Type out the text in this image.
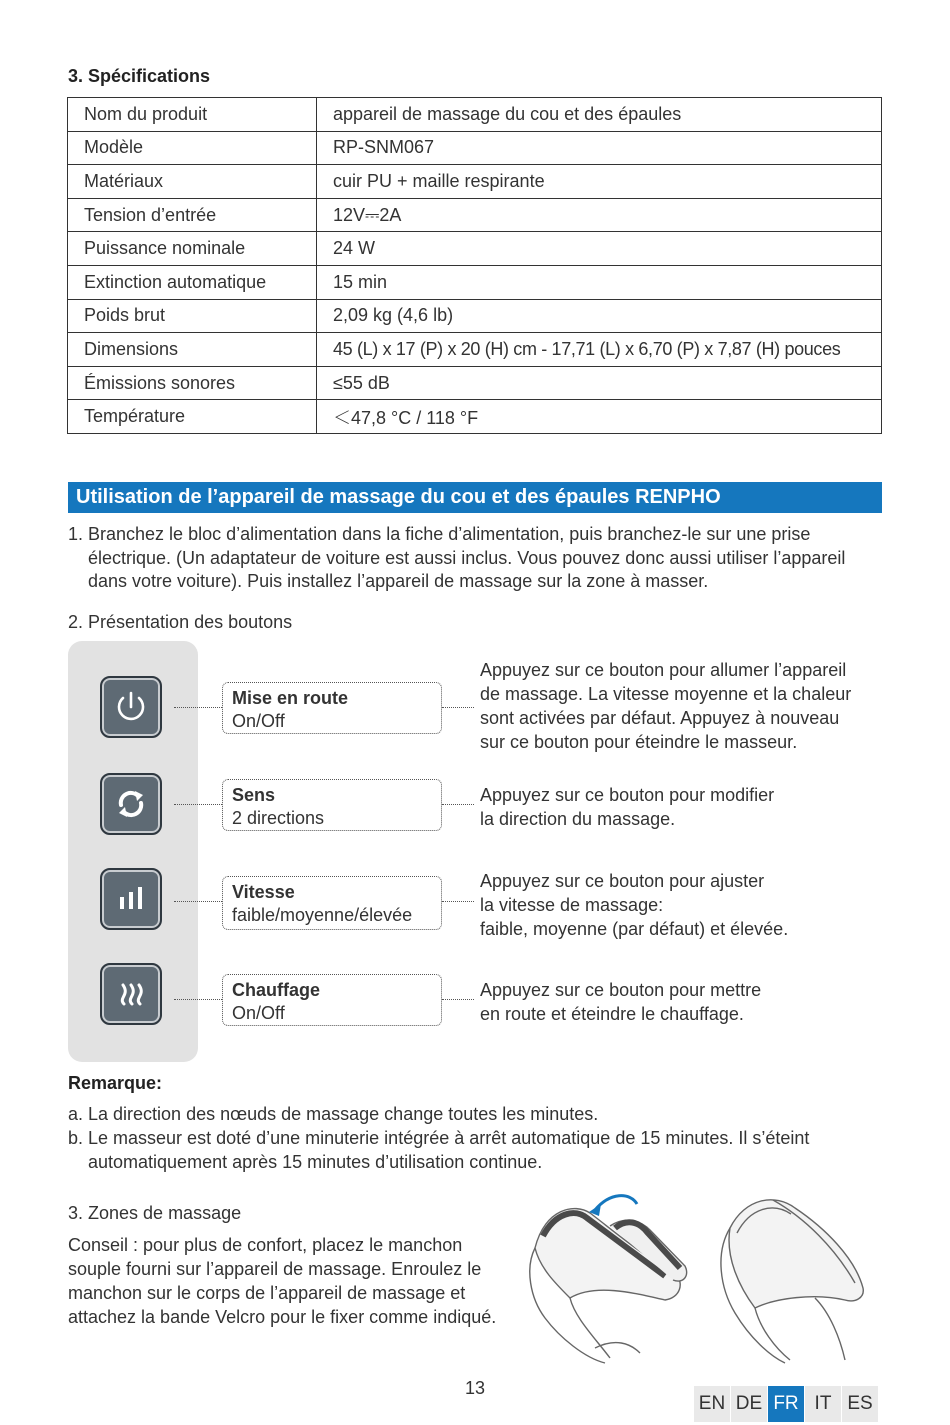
3. Spécifications
Nom du produit	appareil de massage du cou et des épaules
Modèle	RP-SNM067
Matériaux	cuir PU + maille respirante
Tension d’entrée	12V⎓2A
Puissance nominale	24 W
Extinction automatique	15 min
Poids brut	2,09 kg (4,6 lb)
Dimensions	45 (L) x 17 (P) x 20 (H) cm - 17,71 (L) x 6,70 (P) x 7,87 (H) pouces
Émissions sonores	≤55 dB
Température	＜47,8 °C / 118 °F
Utilisation de l’appareil de massage du cou et des épaules RENPHO
1. Branchez le bloc d’alimentation dans la fiche d’alimentation, puis branchez-le sur une prise électrique. (Un adaptateur de voiture est aussi inclus. Vous pouvez donc aussi utiliser l’appareil dans votre voiture). Puis installez l’appareil de massage sur la zone à masser.
2. Présentation des boutons
Mise en route
On/Off
Appuyez sur ce bouton pour allumer l’appareil
de massage. La vitesse moyenne et la chaleur
sont activées par défaut. Appuyez à nouveau
sur ce bouton pour éteindre le masseur.
Sens
2 directions
Appuyez sur ce bouton pour modifier
la direction du massage.
Vitesse
faible/moyenne/élevée
Appuyez sur ce bouton pour ajuster
la vitesse de massage:
faible, moyenne (par défaut) et élevée.
Chauffage
On/Off
Appuyez sur ce bouton pour mettre
en route et éteindre le chauffage.
Remarque:
a. La direction des nœuds de massage change toutes les minutes.
b. Le masseur est doté d’une minuterie intégrée à arrêt automatique de 15 minutes. Il s’éteint automatiquement après 15 minutes d’utilisation continue.
3. Zones de massage
Conseil : pour plus de confort, placez le manchon souple fourni sur l’appareil de massage. Enroulez le manchon sur le corps de l’appareil de massage et attachez la bande Velcro pour le fixer comme indiqué.
13
EN DE FR IT ES
